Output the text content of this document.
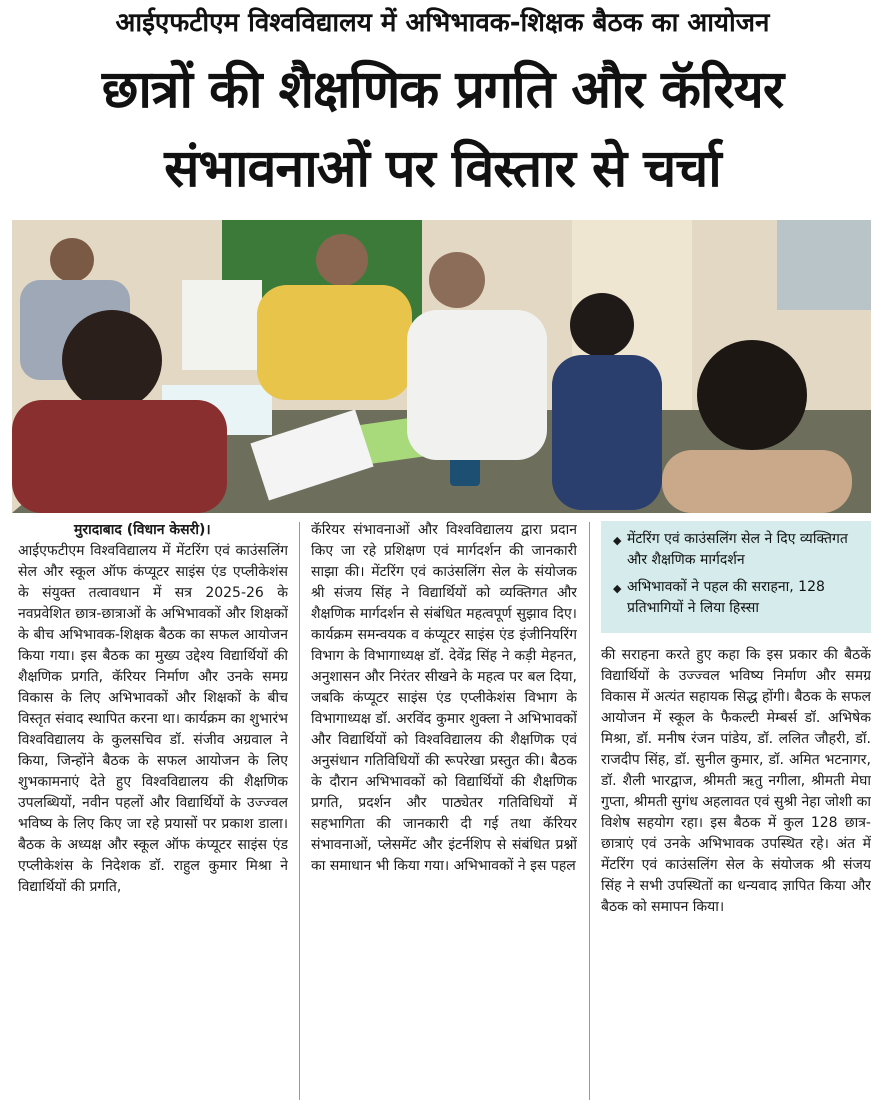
आईएफटीएम विश्वविद्यालय में अभिभावक-शिक्षक बैठक का आयोजन
छात्रों की शैक्षणिक प्रगति और कॅरियर
संभावनाओं पर विस्तार से चर्चा

मुरादाबाद (विधान केसरी)।

आईएफटीएम विश्वविद्यालय में मेंटरिंग एवं काउंसलिंग सेल और स्कूल ऑफ कंप्यूटर साइंस एंड एप्लीकेशंस के संयुक्त तत्वावधान में सत्र 2025-26 के नवप्रवेशित छात्र-छात्राओं के अभिभावकों और शिक्षकों के बीच अभिभावक-शिक्षक बैठक का सफल आयोजन किया गया। इस बैठक का मुख्य उद्देश्य विद्यार्थियों की शैक्षणिक प्रगति, कॅरियर निर्माण और उनके समग्र विकास के लिए अभिभावकों और शिक्षकों के बीच विस्तृत संवाद स्थापित करना था। कार्यक्रम का शुभारंभ विश्वविद्यालय के कुलसचिव डॉ. संजीव अग्रवाल ने किया, जिन्होंने बैठक के सफल आयोजन के लिए शुभकामनाएं देते हुए विश्वविद्यालय की शैक्षणिक उपलब्धियों, नवीन पहलों और विद्यार्थियों के उज्ज्वल भविष्य के लिए किए जा रहे प्रयासों पर प्रकाश डाला। बैठक के अध्यक्ष और स्कूल ऑफ कंप्यूटर साइंस एंड एप्लीकेशंस के निदेशक डॉ. राहुल कुमार मिश्रा ने विद्यार्थियों की प्रगति,

कॅरियर संभावनाओं और विश्वविद्यालय द्वारा प्रदान किए जा रहे प्रशिक्षण एवं मार्गदर्शन की जानकारी साझा की। मेंटरिंग एवं काउंसलिंग सेल के संयोजक श्री संजय सिंह ने विद्यार्थियों को व्यक्तिगत और शैक्षणिक मार्गदर्शन से संबंधित महत्वपूर्ण सुझाव दिए। कार्यक्रम समन्वयक व कंप्यूटर साइंस एंड इंजीनियरिंग विभाग के विभागाध्यक्ष डॉ. देवेंद्र सिंह ने कड़ी मेहनत, अनुशासन और निरंतर सीखने के महत्व पर बल दिया, जबकि कंप्यूटर साइंस एंड एप्लीकेशंस विभाग के विभागाध्यक्ष डॉ. अरविंद कुमार शुक्ला ने अभिभावकों और विद्यार्थियों को विश्वविद्यालय की शैक्षणिक एवं अनुसंधान गतिविधियों की रूपरेखा प्रस्तुत की। बैठक के दौरान अभिभावकों को विद्यार्थियों की शैक्षणिक प्रगति, प्रदर्शन और पाठ्येतर गतिविधियों में सहभागिता की जानकारी दी गई तथा कॅरियर संभावनाओं, प्लेसमेंट और इंटर्नशिप से संबंधित प्रश्नों का समाधान भी किया गया। अभिभावकों ने इस पहल

◆ मेंटरिंग एवं काउंसलिंग सेल ने दिए व्यक्तिगत और शैक्षणिक मार्गदर्शन
◆ अभिभावकों ने पहल की सराहना, 128 प्रतिभागियों ने लिया हिस्सा

की सराहना करते हुए कहा कि इस प्रकार की बैठकें विद्यार्थियों के उज्ज्वल भविष्य निर्माण और समग्र विकास में अत्यंत सहायक सिद्ध होंगी। बैठक के सफल आयोजन में स्कूल के फैकल्टी मेम्बर्स डॉ. अभिषेक मिश्रा, डॉ. मनीष रंजन पांडेय, डॉ. ललित जौहरी, डॉ. राजदीप सिंह, डॉ. सुनील कुमार, डॉ. अमित भटनागर, डॉ. शैली भारद्वाज, श्रीमती ऋतु नगीला, श्रीमती मेघा गुप्ता, श्रीमती सुगंध अहलावत एवं सुश्री नेहा जोशी का विशेष सहयोग रहा। इस बैठक में कुल 128 छात्र-छात्राएं एवं उनके अभिभावक उपस्थित रहे। अंत में मेंटरिंग एवं काउंसलिंग सेल के संयोजक श्री संजय सिंह ने सभी उपस्थितों का धन्यवाद ज्ञापित किया और बैठक को समापन किया।
